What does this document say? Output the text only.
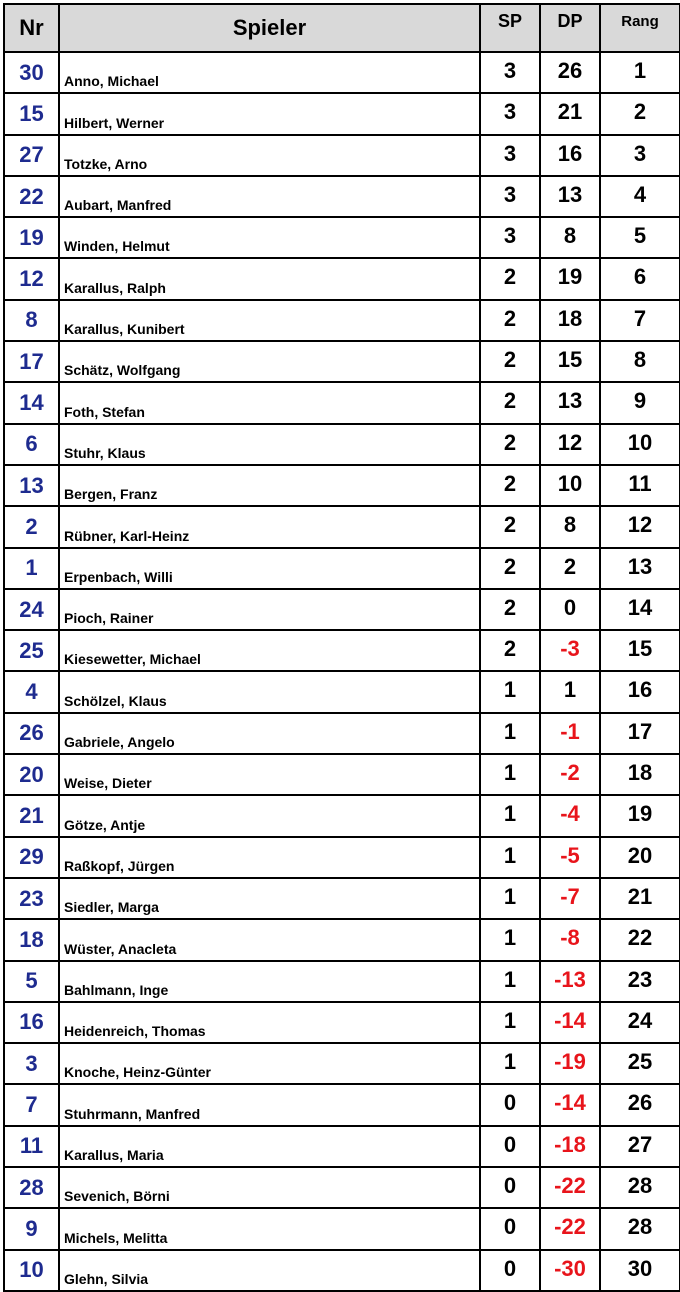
Nr	Spieler	SP	DP	Rang
30	Anno, Michael	3	26	1
15	Hilbert, Werner	3	21	2
27	Totzke, Arno	3	16	3
22	Aubart, Manfred	3	13	4
19	Winden, Helmut	3	8	5
12	Karallus, Ralph	2	19	6
8	Karallus, Kunibert	2	18	7
17	Schätz, Wolfgang	2	15	8
14	Foth, Stefan	2	13	9
6	Stuhr, Klaus	2	12	10
13	Bergen, Franz	2	10	11
2	Rübner, Karl-Heinz	2	8	12
1	Erpenbach, Willi	2	2	13
24	Pioch, Rainer	2	0	14
25	Kiesewetter, Michael	2	-3	15
4	Schölzel, Klaus	1	1	16
26	Gabriele, Angelo	1	-1	17
20	Weise, Dieter	1	-2	18
21	Götze, Antje	1	-4	19
29	Raßkopf, Jürgen	1	-5	20
23	Siedler, Marga	1	-7	21
18	Wüster, Anacleta	1	-8	22
5	Bahlmann, Inge	1	-13	23
16	Heidenreich, Thomas	1	-14	24
3	Knoche, Heinz-Günter	1	-19	25
7	Stuhrmann, Manfred	0	-14	26
11	Karallus, Maria	0	-18	27
28	Sevenich, Börni	0	-22	28
9	Michels, Melitta	0	-22	28
10	Glehn, Silvia	0	-30	30
